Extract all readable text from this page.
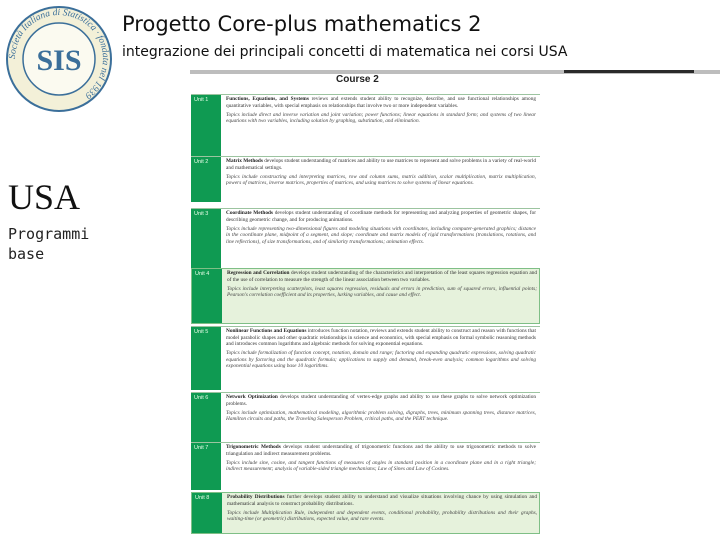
Società Italiana di Statistica · fondata nel 1939
SIS
Progetto Core-plus mathematics 2
integrazione dei principali concetti di matematica nei corsi USA
USA
Programmi base
Course 2
Unit 1	Functions, Equations, and Systems reviews and extends student ability to recognize, describe, and use functional relationships among quantitative variables, with special emphasis on relationships that involve two or more independent variables.

Topics include direct and inverse variation and joint variation; power functions; linear equations in standard form; and systems of two linear equations with two variables, including solution by graphing, substitution, and elimination.

Unit 2	Matrix Methods develops student understanding of matrices and ability to use matrices to represent and solve problems in a variety of real-world and mathematical settings.

Topics include constructing and interpreting matrices, row and column sums, matrix addition, scalar multiplication, matrix multiplication, powers of matrices, inverse matrices, properties of matrices, and using matrices to solve systems of linear equations.

Unit 3	Coordinate Methods develops student understanding of coordinate methods for representing and analyzing properties of geometric shapes, for describing geometric change, and for producing animations.

Topics include representing two-dimensional figures and modeling situations with coordinates, including computer-generated graphics; distance in the coordinate plane, midpoint of a segment, and slope; coordinate and matrix models of rigid transformations (translations, rotations, and line reflections), of size transformations, and of similarity transformations; animation effects.

Unit 4	Regression and Correlation develops student understanding of the characteristics and interpretation of the least squares regression equation and of the use of correlation to measure the strength of the linear association between two variables.

Topics include interpreting scatterplots, least squares regression, residuals and errors in prediction, sum of squared errors, influential points; Pearson's correlation coefficient and its properties, lurking variables, and cause and effect.

Unit 5	Nonlinear Functions and Equations introduces function notation, reviews and extends student ability to construct and reason with functions that model parabolic shapes and other quadratic relationships in science and economics, with special emphasis on formal symbolic reasoning methods and introduces common logarithms and algebraic methods for solving exponential equations.

Topics include formalization of function concept, notation, domain and range; factoring and expanding quadratic expressions, solving quadratic equations by factoring and the quadratic formula; applications to supply and demand, break-even analysis; common logarithms and solving exponential equations using base 10 logarithms.

Unit 6	Network Optimization develops student understanding of vertex-edge graphs and ability to use these graphs to solve network optimization problems.

Topics include optimization, mathematical modeling, algorithmic problem solving, digraphs, trees, minimum spanning trees, distance matrices, Hamilton circuits and paths, the Traveling Salesperson Problem, critical paths, and the PERT technique.

Unit 7	Trigonometric Methods develops student understanding of trigonometric functions and the ability to use trigonometric methods to solve triangulation and indirect measurement problems.

Topics include sine, cosine, and tangent functions of measures of angles in standard position in a coordinate plane and in a right triangle; indirect measurement; analysis of variable-sided triangle mechanisms; Law of Sines and Law of Cosines.

Unit 8	Probability Distributions further develops student ability to understand and visualize situations involving chance by using simulation and mathematical analysis to construct probability distributions.

Topics include Multiplication Rule, independent and dependent events, conditional probability, probability distributions and their graphs, waiting-time (or geometric) distributions, expected value, and rare events.
